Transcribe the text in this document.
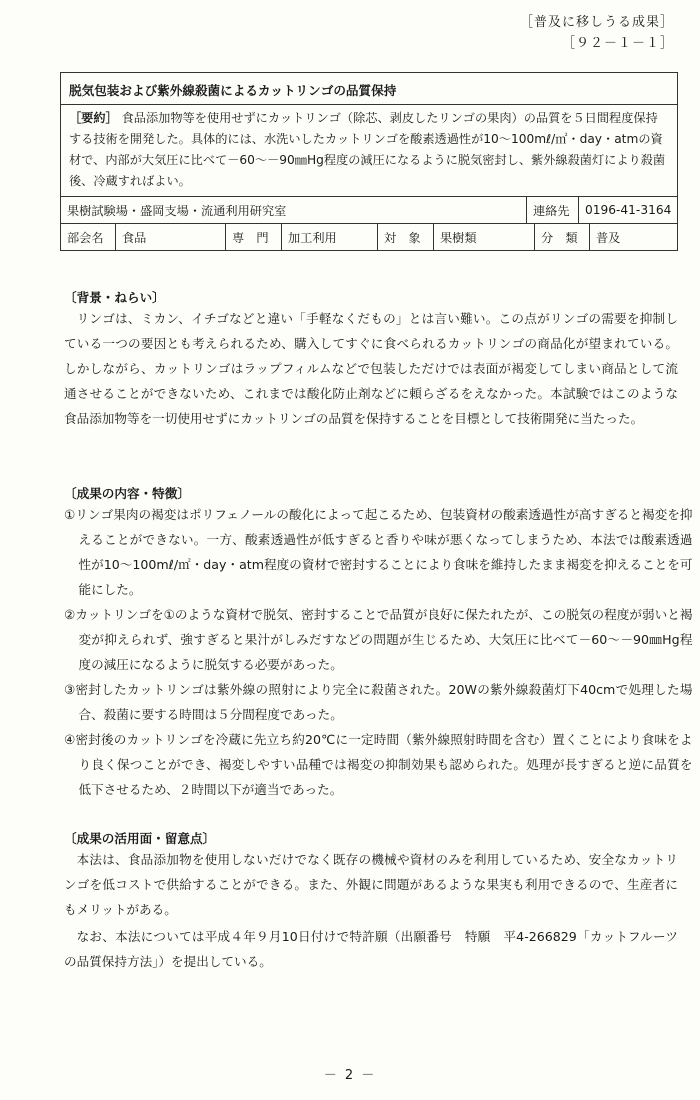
［普及に移しうる成果］
［９２－１－１］
脱気包装および紫外線殺菌によるカットリンゴの品質保持
［要約］ 食品添加物等を使用せずにカットリンゴ（除芯、剥皮したリンゴの果肉）の品質を５日間程度保持する技術を開発した。具体的には、水洗いしたカットリンゴを酸素透過性が10～100mℓ/㎡・day・atmの資材で、内部が大気圧に比べて－60～－90㎜Hg程度の減圧になるように脱気密封し、紫外線殺菌灯により殺菌後、冷蔵すればよい。
果樹試験場・盛岡支場・流通利用研究室	連絡先	0196-41-3164
部会名	食品	専　門	加工利用	対　象	果樹類	分　類	普及
〔背景・ねらい〕

リンゴは、ミカン、イチゴなどと違い「手軽なくだもの」とは言い難い。この点がリンゴの需要を抑制している一つの要因とも考えられるため、購入してすぐに食べられるカットリンゴの商品化が望まれている。しかしながら、カットリンゴはラップフィルムなどで包装しただけでは表面が褐変してしまい商品として流通させることができないため、これまでは酸化防止剤などに頼らざるをえなかった。本試験ではこのような食品添加物等を一切使用せずにカットリンゴの品質を保持することを目標として技術開発に当たった。

〔成果の内容・特徴〕

①リンゴ果肉の褐変はポリフェノールの酸化によって起こるため、包装資材の酸素透過性が高すぎると褐変を抑えることができない。一方、酸素透過性が低すぎると香りや味が悪くなってしまうため、本法では酸素透過性が10～100mℓ/㎡・day・atm程度の資材で密封することにより食味を維持したまま褐変を抑えることを可能にした。

②カットリンゴを①のような資材で脱気、密封することで品質が良好に保たれたが、この脱気の程度が弱いと褐変が抑えられず、強すぎると果汁がしみだすなどの問題が生じるため、大気圧に比べて－60～－90㎜Hg程度の減圧になるように脱気する必要があった。

③密封したカットリンゴは紫外線の照射により完全に殺菌された。20Wの紫外線殺菌灯下40cmで処理した場合、殺菌に要する時間は５分間程度であった。

④密封後のカットリンゴを冷蔵に先立ち約20℃に一定時間（紫外線照射時間を含む）置くことにより食味をより良く保つことができ、褐変しやすい品種では褐変の抑制効果も認められた。処理が長すぎると逆に品質を低下させるため、２時間以下が適当であった。

〔成果の活用面・留意点〕

本法は、食品添加物を使用しないだけでなく既存の機械や資材のみを利用しているため、安全なカットリンゴを低コストで供給することができる。また、外観に問題があるような果実も利用できるので、生産者にもメリットがある。

なお、本法については平成４年９月10日付けで特許願（出願番号　特願　平4-266829「カットフルーツの品質保持方法」）を提出している。

－ 2 －
